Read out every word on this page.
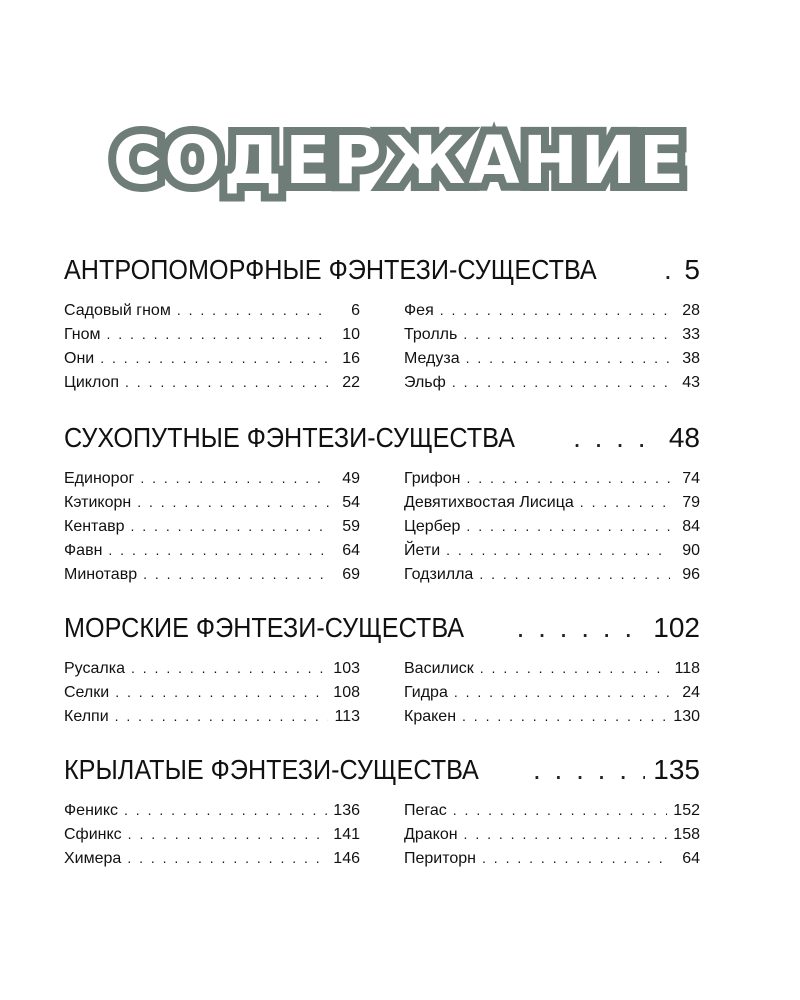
СОДЕРЖАНИЕ
АНТРОПОМОРФНЫЕ ФЭНТЕЗИ-СУЩЕСТВА . . .	5
Садовый гном . . .	6
Гном . . .	10
Они . . .	16
Циклоп . . .	22
Фея . . .	28
Тролль . . .	33
Медуза . . .	38
Эльф . . .	43
СУХОПУТНЫЕ ФЭНТЕЗИ-СУЩЕСТВА . . .	48
Единорог . . .	49
Кэтикорн . . .	54
Кентавр . . .	59
Фавн . . .	64
Минотавр . . .	69
Грифон . . .	74
Девятихвостая Лисица . . .	79
Цербер . . .	84
Йети . . .	90
Годзилла . . .	96
МОРСКИЕ ФЭНТЕЗИ-СУЩЕСТВА . . .	102
Русалка . . .	103
Селки . . .	108
Келпи . . .	113
Василиск . . .	118
Гидра . . .	24
Кракен . . .	130
КРЫЛАТЫЕ ФЭНТЕЗИ-СУЩЕСТВА . . .	135
Феникс . . .	136
Сфинкс . . .	141
Химера . . .	146
Пегас . . .	152
Дракон . . .	158
Периторн . . .	64
